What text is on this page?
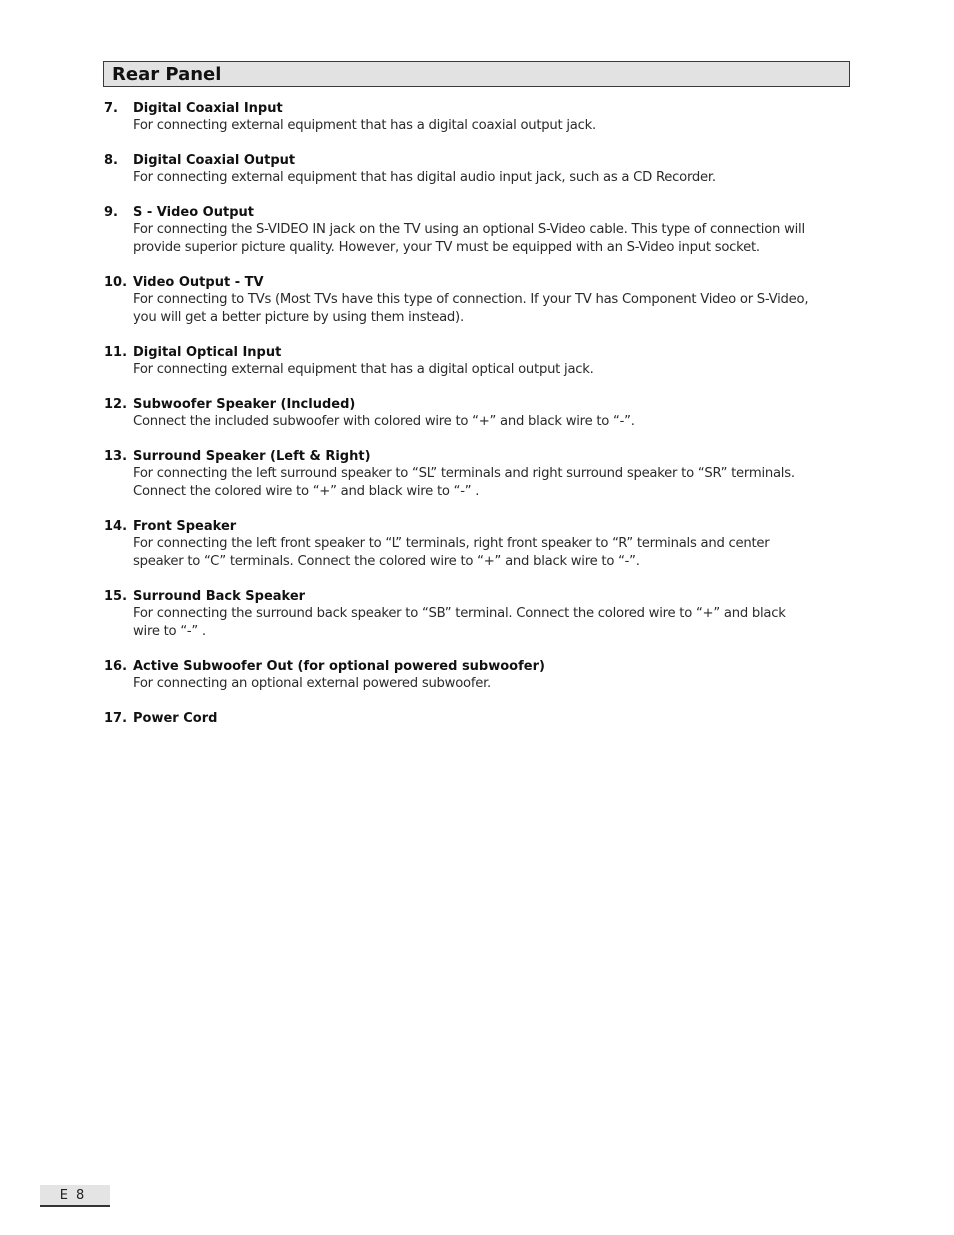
Rear Panel
7.	Digital Coaxial Input
For connecting external equipment that has a digital coaxial output jack.
8.	Digital Coaxial Output
For connecting external equipment that has digital audio input jack, such as a CD Recorder.
9.	S - Video Output
For connecting the S-VIDEO IN jack on the TV using an optional S-Video cable. This type of connection will
provide superior picture quality. However, your TV must be equipped with an S-Video input socket.
10. Video Output - TV
For connecting to TVs (Most TVs have this type of connection. If your TV has Component Video or S-Video,
you will get a better picture by using them instead).
11. Digital Optical Input
For connecting external equipment that has a digital optical output jack.
12. Subwoofer Speaker (Included)
Connect the included subwoofer with colored wire to “+” and black wire to “-”.
13. Surround Speaker (Left & Right)
For connecting the left surround speaker to “SL” terminals and right surround speaker to “SR” terminals.
Connect the colored wire to “+” and black wire to “-” .
14. Front Speaker
For connecting the left front speaker to “L” terminals, right front speaker to “R” terminals and center
speaker to “C” terminals. Connect the colored wire to “+” and black wire to “-”.
15. Surround Back Speaker
For connecting the surround back speaker to “SB” terminal. Connect the colored wire to “+” and black
wire to “-” .
16. Active Subwoofer Out (for optional powered subwoofer)
For connecting an optional external powered subwoofer.
17. Power Cord
E 8
